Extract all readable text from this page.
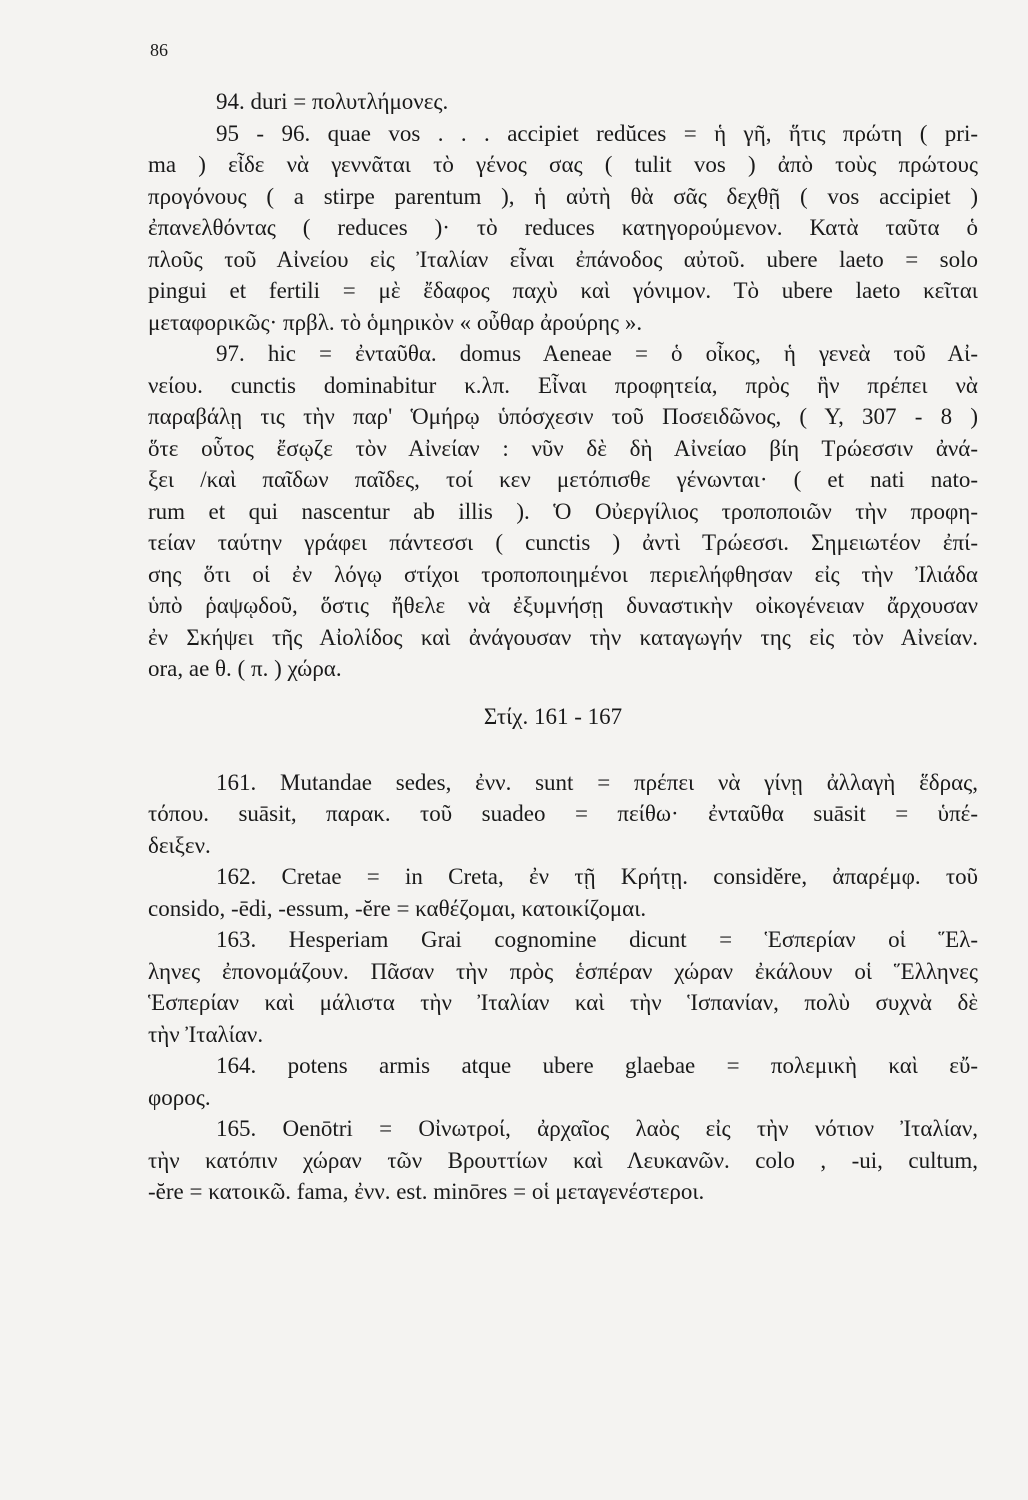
86
94. duri = πολυτλήμονες.
95 - 96. quae vos . . . accipiet redŭces = ἡ γῆ, ἥτις πρώτη ( pri-
ma ) εἶδε νὰ γεννᾶται τὸ γένος σας ( tulit vos ) ἀπὸ τοὺς πρώτους
προγόνους ( a stirpe parentum ), ἡ αὐτὴ θὰ σᾶς δεχθῇ ( vos accipiet )
ἐπανελθόντας ( reduces )· τὸ reduces κατηγορούμενον. Κατὰ ταῦτα ὁ
πλοῦς τοῦ Αἰνείου εἰς Ἰταλίαν εἶναι ἐπάνοδος αὐτοῦ. ubere laeto = solo
pingui et fertili = μὲ ἔδαφος παχὺ καὶ γόνιμον. Τὸ ubere laeto κεῖται
μεταφορικῶς· πρβλ. τὸ ὁμηρικὸν « οὖθαρ ἀρούρης ».
97. hic = ἐνταῦθα. domus Aeneae = ὁ οἶκος, ἡ γενεὰ τοῦ Αἰ-
νείου. cunctis dominabitur κ.λπ. Εἶναι προφητεία, πρὸς ἣν πρέπει νὰ
παραβάλῃ τις τὴν παρ' Ὁμήρῳ ὑπόσχεσιν τοῦ Ποσειδῶνος, ( Υ, 307 - 8 )
ὅτε οὗτος ἔσῳζε τὸν Αἰνείαν : νῦν δὲ δὴ Αἰνείαο βίη Τρώεσσιν ἀνά-
ξει /καὶ παῖδων παῖδες, τοί κεν μετόπισθε γένωνται· ( et nati nato-
rum et qui nascentur ab illis ). Ὁ Οὐεργίλιος τροποποιῶν τὴν προφη-
τείαν ταύτην γράφει πάντεσσι ( cunctis ) ἀντὶ Τρώεσσι. Σημειωτέον ἐπί-
σης ὅτι οἱ ἐν λόγῳ στίχοι τροποποιημένοι περιελήφθησαν εἰς τὴν Ἰλιάδα
ὑπὸ ῥαψῳδοῦ, ὅστις ἤθελε νὰ ἐξυμνήσῃ δυναστικὴν οἰκογένειαν ἄρχουσαν
ἐν Σκήψει τῆς Αἰολίδος καὶ ἀνάγουσαν τὴν καταγωγήν της εἰς τὸν Αἰνείαν.
ora, ae θ. ( π. ) χώρα.
Στίχ. 161 - 167
161. Mutandae sedes, ἐνν. sunt = πρέπει νὰ γίνῃ ἀλλαγὴ ἕδρας,
τόπου. suāsit, παρακ. τοῦ suadeo = πείθω· ἐνταῦθα suāsit = ὑπέ-
δειξεν.
162. Cretae = in Creta, ἐν τῇ Κρήτῃ. considĕre, ἀπαρέμφ. τοῦ
consido, -ēdi, -essum, -ĕre = καθέζομαι, κατοικίζομαι.
163. Hesperiam Grai cognomine dicunt = Ἑσπερίαν οἱ Ἕλ-
ληνες ἐπονομάζουν. Πᾶσαν τὴν πρὸς ἑσπέραν χώραν ἐκάλουν οἱ Ἕλληνες
Ἑσπερίαν καὶ μάλιστα τὴν Ἰταλίαν καὶ τὴν Ἱσπανίαν, πολὺ συχνὰ δὲ
τὴν Ἰταλίαν.
164. potens armis atque ubere glaebae = πολεμικὴ καὶ εὔ-
φορος.
165. Oenōtri = Οἰνωτροί, ἀρχαῖος λαὸς εἰς τὴν νότιον Ἰταλίαν,
τὴν κατόπιν χώραν τῶν Βρουττίων καὶ Λευκανῶν. colo , -ui, cultum,
-ĕre = κατοικῶ. fama, ἐνν. est. minōres = οἱ μεταγενέστεροι.
